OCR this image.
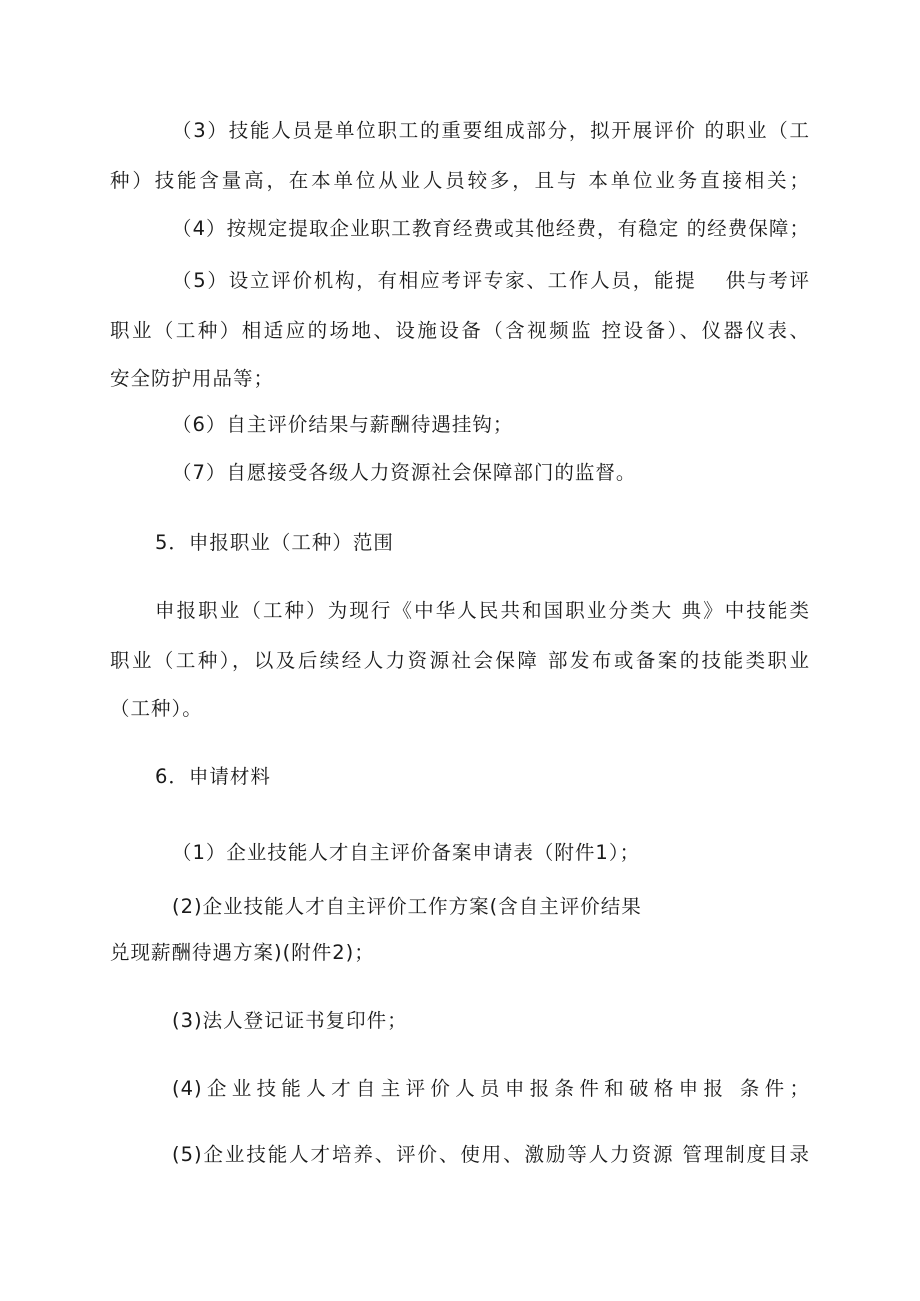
（3）技能人员是单位职工的重要组成部分，拟开展评价 的职业（工
种）技能含量高，在本单位从业人员较多，且与 本单位业务直接相关；
（4）按规定提取企业职工教育经费或其他经费，有稳定 的经费保障；
（5）设立评价机构，有相应考评专家、工作人员，能提　 供与考评
职业（工种）相适应的场地、设施设备（含视频监 控设备）、仪器仪表、
安全防护用品等；
（6）自主评价结果与薪酬待遇挂钩；
（7）自愿接受各级人力资源社会保障部门的监督。
5．申报职业（工种）范围
申报职业（工种）为现行《中华人民共和国职业分类大 典》中技能类
职业（工种），以及后续经人力资源社会保障 部发布或备案的技能类职业
（工种）。
6．申请材料
（1）企业技能人才自主评价备案申请表（附件1）；
(2)企业技能人才自主评价工作方案(含自主评价结果
兑现薪酬待遇方案)(附件2)；
(3)法人登记证书复印件；
(4)企业技能人才自主评价人员申报条件和破格申报 条件；
(5)企业技能人才培养、评价、使用、激励等人力资源 管理制度目录
